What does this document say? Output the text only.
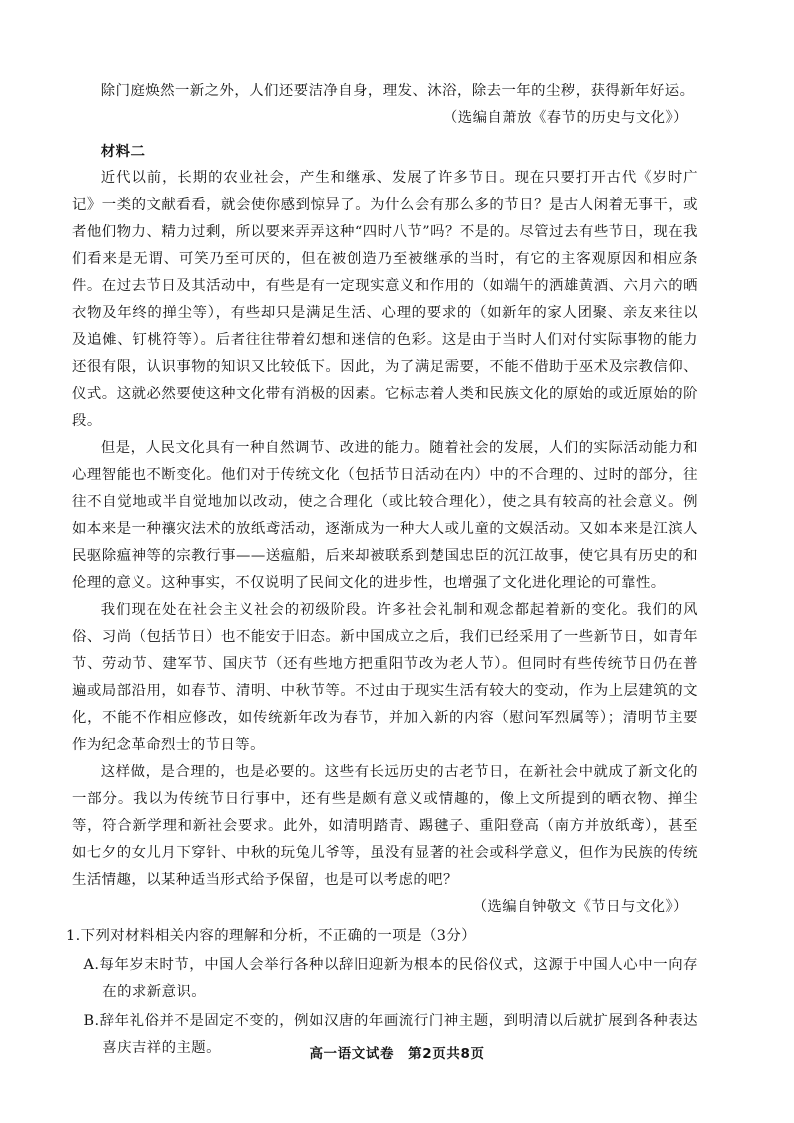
除门庭焕然一新之外，人们还要洁净自身，理发、沐浴，除去一年的尘秽，获得新年好运。

（选编自萧放《春节的历史与文化》）

材料二

近代以前，长期的农业社会，产生和继承、发展了许多节日。现在只要打开古代《岁时广记》一类的文献看看，就会使你感到惊异了。为什么会有那么多的节日？是古人闲着无事干，或者他们物力、精力过剩，所以要来弄弄这种“四时八节”吗？不是的。尽管过去有些节日，现在我们看来是无谓、可笑乃至可厌的，但在被创造乃至被继承的当时，有它的主客观原因和相应条件。在过去节日及其活动中，有些是有一定现实意义和作用的（如端午的洒雄黄酒、六月六的晒衣物及年终的掸尘等），有些却只是满足生活、心理的要求的（如新年的家人团聚、亲友来往以及追傩、钉桃符等）。后者往往带着幻想和迷信的色彩。这是由于当时人们对付实际事物的能力还很有限，认识事物的知识又比较低下。因此，为了满足需要，不能不借助于巫术及宗教信仰、仪式。这就必然要使这种文化带有消极的因素。它标志着人类和民族文化的原始的或近原始的阶段。

但是，人民文化具有一种自然调节、改进的能力。随着社会的发展，人们的实际活动能力和心理智能也不断变化。他们对于传统文化（包括节日活动在内）中的不合理的、过时的部分，往往不自觉地或半自觉地加以改动，使之合理化（或比较合理化），使之具有较高的社会意义。例如本来是一种禳灾法术的放纸鸢活动，逐渐成为一种大人或儿童的文娱活动。又如本来是江滨人民驱除瘟神等的宗教行事——送瘟船，后来却被联系到楚国忠臣的沉江故事，使它具有历史的和伦理的意义。这种事实，不仅说明了民间文化的进步性，也增强了文化进化理论的可靠性。

我们现在处在社会主义社会的初级阶段。许多社会礼制和观念都起着新的变化。我们的风俗、习尚（包括节日）也不能安于旧态。新中国成立之后，我们已经采用了一些新节日，如青年节、劳动节、建军节、国庆节（还有些地方把重阳节改为老人节）。但同时有些传统节日仍在普遍或局部沿用，如春节、清明、中秋节等。不过由于现实生活有较大的变动，作为上层建筑的文化，不能不作相应修改，如传统新年改为春节，并加入新的内容（慰问军烈属等）；清明节主要作为纪念革命烈士的节日等。

这样做，是合理的，也是必要的。这些有长远历史的古老节日，在新社会中就成了新文化的一部分。我以为传统节日行事中，还有些是颇有意义或情趣的，像上文所提到的晒衣物、掸尘等，符合新学理和新社会要求。此外，如清明踏青、踢毽子、重阳登高（南方并放纸鸢），甚至如七夕的女儿月下穿针、中秋的玩兔儿爷等，虽没有显著的社会或科学意义，但作为民族的传统生活情趣，以某种适当形式给予保留，也是可以考虑的吧？

（选编自钟敬文《节日与文化》）

1.下列对材料相关内容的理解和分析，不正确的一项是（3分）

A.每年岁末时节，中国人会举行各种以辞旧迎新为根本的民俗仪式，这源于中国人心中一向存在的求新意识。

B.辞年礼俗并不是固定不变的，例如汉唐的年画流行门神主题，到明清以后就扩展到各种表达喜庆吉祥的主题。	高一语文试卷　第2页共8页
